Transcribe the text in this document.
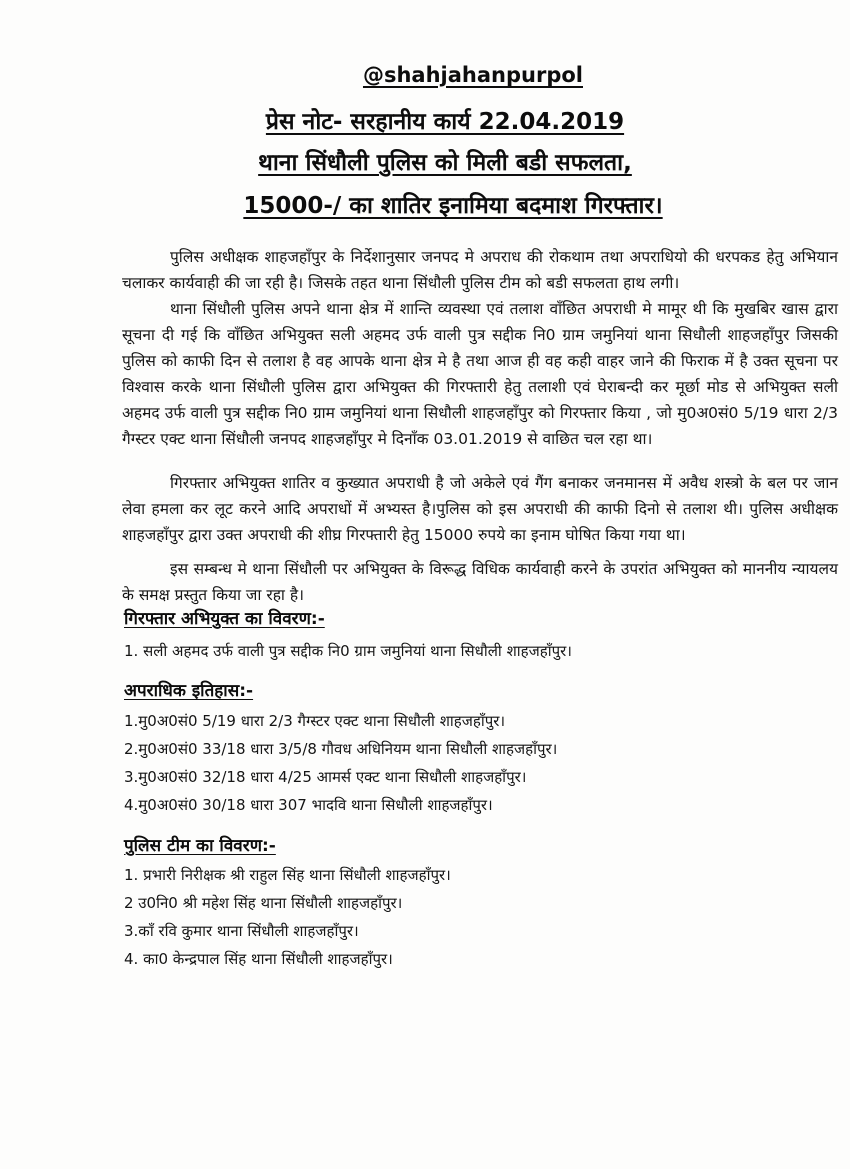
@shahjahanpurpol
प्रेस नोट- सरहानीय कार्य 22.04.2019
थाना सिंधौली पुलिस को मिली बडी सफलता,
15000-/ का शातिर इनामिया बदमाश गिरफ्तार।

पुलिस अधीक्षक शाहजहाँपुर के निर्देशानुसार जनपद मे अपराध की रोकथाम तथा अपराधियो की धरपकड हेतु अभियान चलाकर कार्यवाही की जा रही है। जिसके तहत थाना सिंधौली पुलिस टीम को बडी सफलता हाथ लगी।

थाना सिंधौली पुलिस अपने थाना क्षेत्र में शान्ति व्यवस्था एवं तलाश वाँछित अपराधी मे मामूर थी कि मुखबिर खास द्वारा सूचना दी गई कि वाँछित अभियुक्त सली अहमद उर्फ वाली पुत्र सद्दीक नि0 ग्राम जमुनियां थाना सिधौली शाहजहाँपुर जिसकी पुलिस को काफी दिन से तलाश है वह आपके थाना क्षेत्र मे है तथा आज ही वह कही वाहर जाने की फिराक में है उक्त सूचना पर विश्वास करके थाना सिंधौली पुलिस द्वारा अभियुक्त की गिरफ्तारी हेतु तलाशी एवं घेराबन्दी कर मूर्छा मोड से अभियुक्त सली अहमद उर्फ वाली पुत्र सद्दीक नि0 ग्राम जमुनियां थाना सिधौली शाहजहाँपुर को गिरफ्तार किया , जो मु0अ0सं0 5/19 धारा 2/3 गैग्स्टर एक्ट थाना सिंधौली जनपद शाहजहाँपुर मे दिनाँक 03.01.2019 से वाछित चल रहा था।

गिरफ्तार अभियुक्त शातिर व कुख्यात अपराधी है जो अकेले एवं गैंग बनाकर जनमानस में अवैध शस्त्रो के बल पर जान लेवा हमला कर लूट करने आदि अपराधों में अभ्यस्त है।पुलिस को इस अपराधी की काफी दिनो से तलाश थी। पुलिस अधीक्षक शाहजहाँपुर द्वारा उक्त अपराधी की शीघ्र गिरफ्तारी हेतु 15000 रुपये का इनाम घोषित किया गया था।

इस सम्बन्ध मे थाना सिंधौली पर अभियुक्त के विरूद्ध विधिक कार्यवाही करने के उपरांत अभियुक्त को माननीय न्यायलय के समक्ष प्रस्तुत किया जा रहा है।

गिरफ्तार अभियुक्त का विवरण:-
1. सली अहमद उर्फ वाली पुत्र सद्दीक नि0 ग्राम जमुनियां थाना सिधौली शाहजहाँपुर।
अपराधिक इतिहास:-
1.मु0अ0सं0 5/19 धारा 2/3 गैग्स्टर एक्ट थाना सिधौली शाहजहाँपुर।
2.मु0अ0सं0 33/18 धारा 3/5/8 गौवध अधिनियम थाना सिधौली शाहजहाँपुर।
3.मु0अ0सं0 32/18 धारा 4/25 आमर्स एक्ट थाना सिधौली शाहजहाँपुर।
4.मु0अ0सं0 30/18 धारा 307 भादवि थाना सिधौली शाहजहाँपुर।
पुलिस टीम का विवरण:-
1. प्रभारी निरीक्षक श्री राहुल सिंह थाना सिंधौली शाहजहाँपुर।
2 उ0नि0 श्री महेश सिंह थाना सिंधौली शाहजहाँपुर।
3.काँ रवि कुमार थाना सिंधौली शाहजहाँपुर।
4. का0 केन्द्रपाल सिंह थाना सिंधौली शाहजहाँपुर।
